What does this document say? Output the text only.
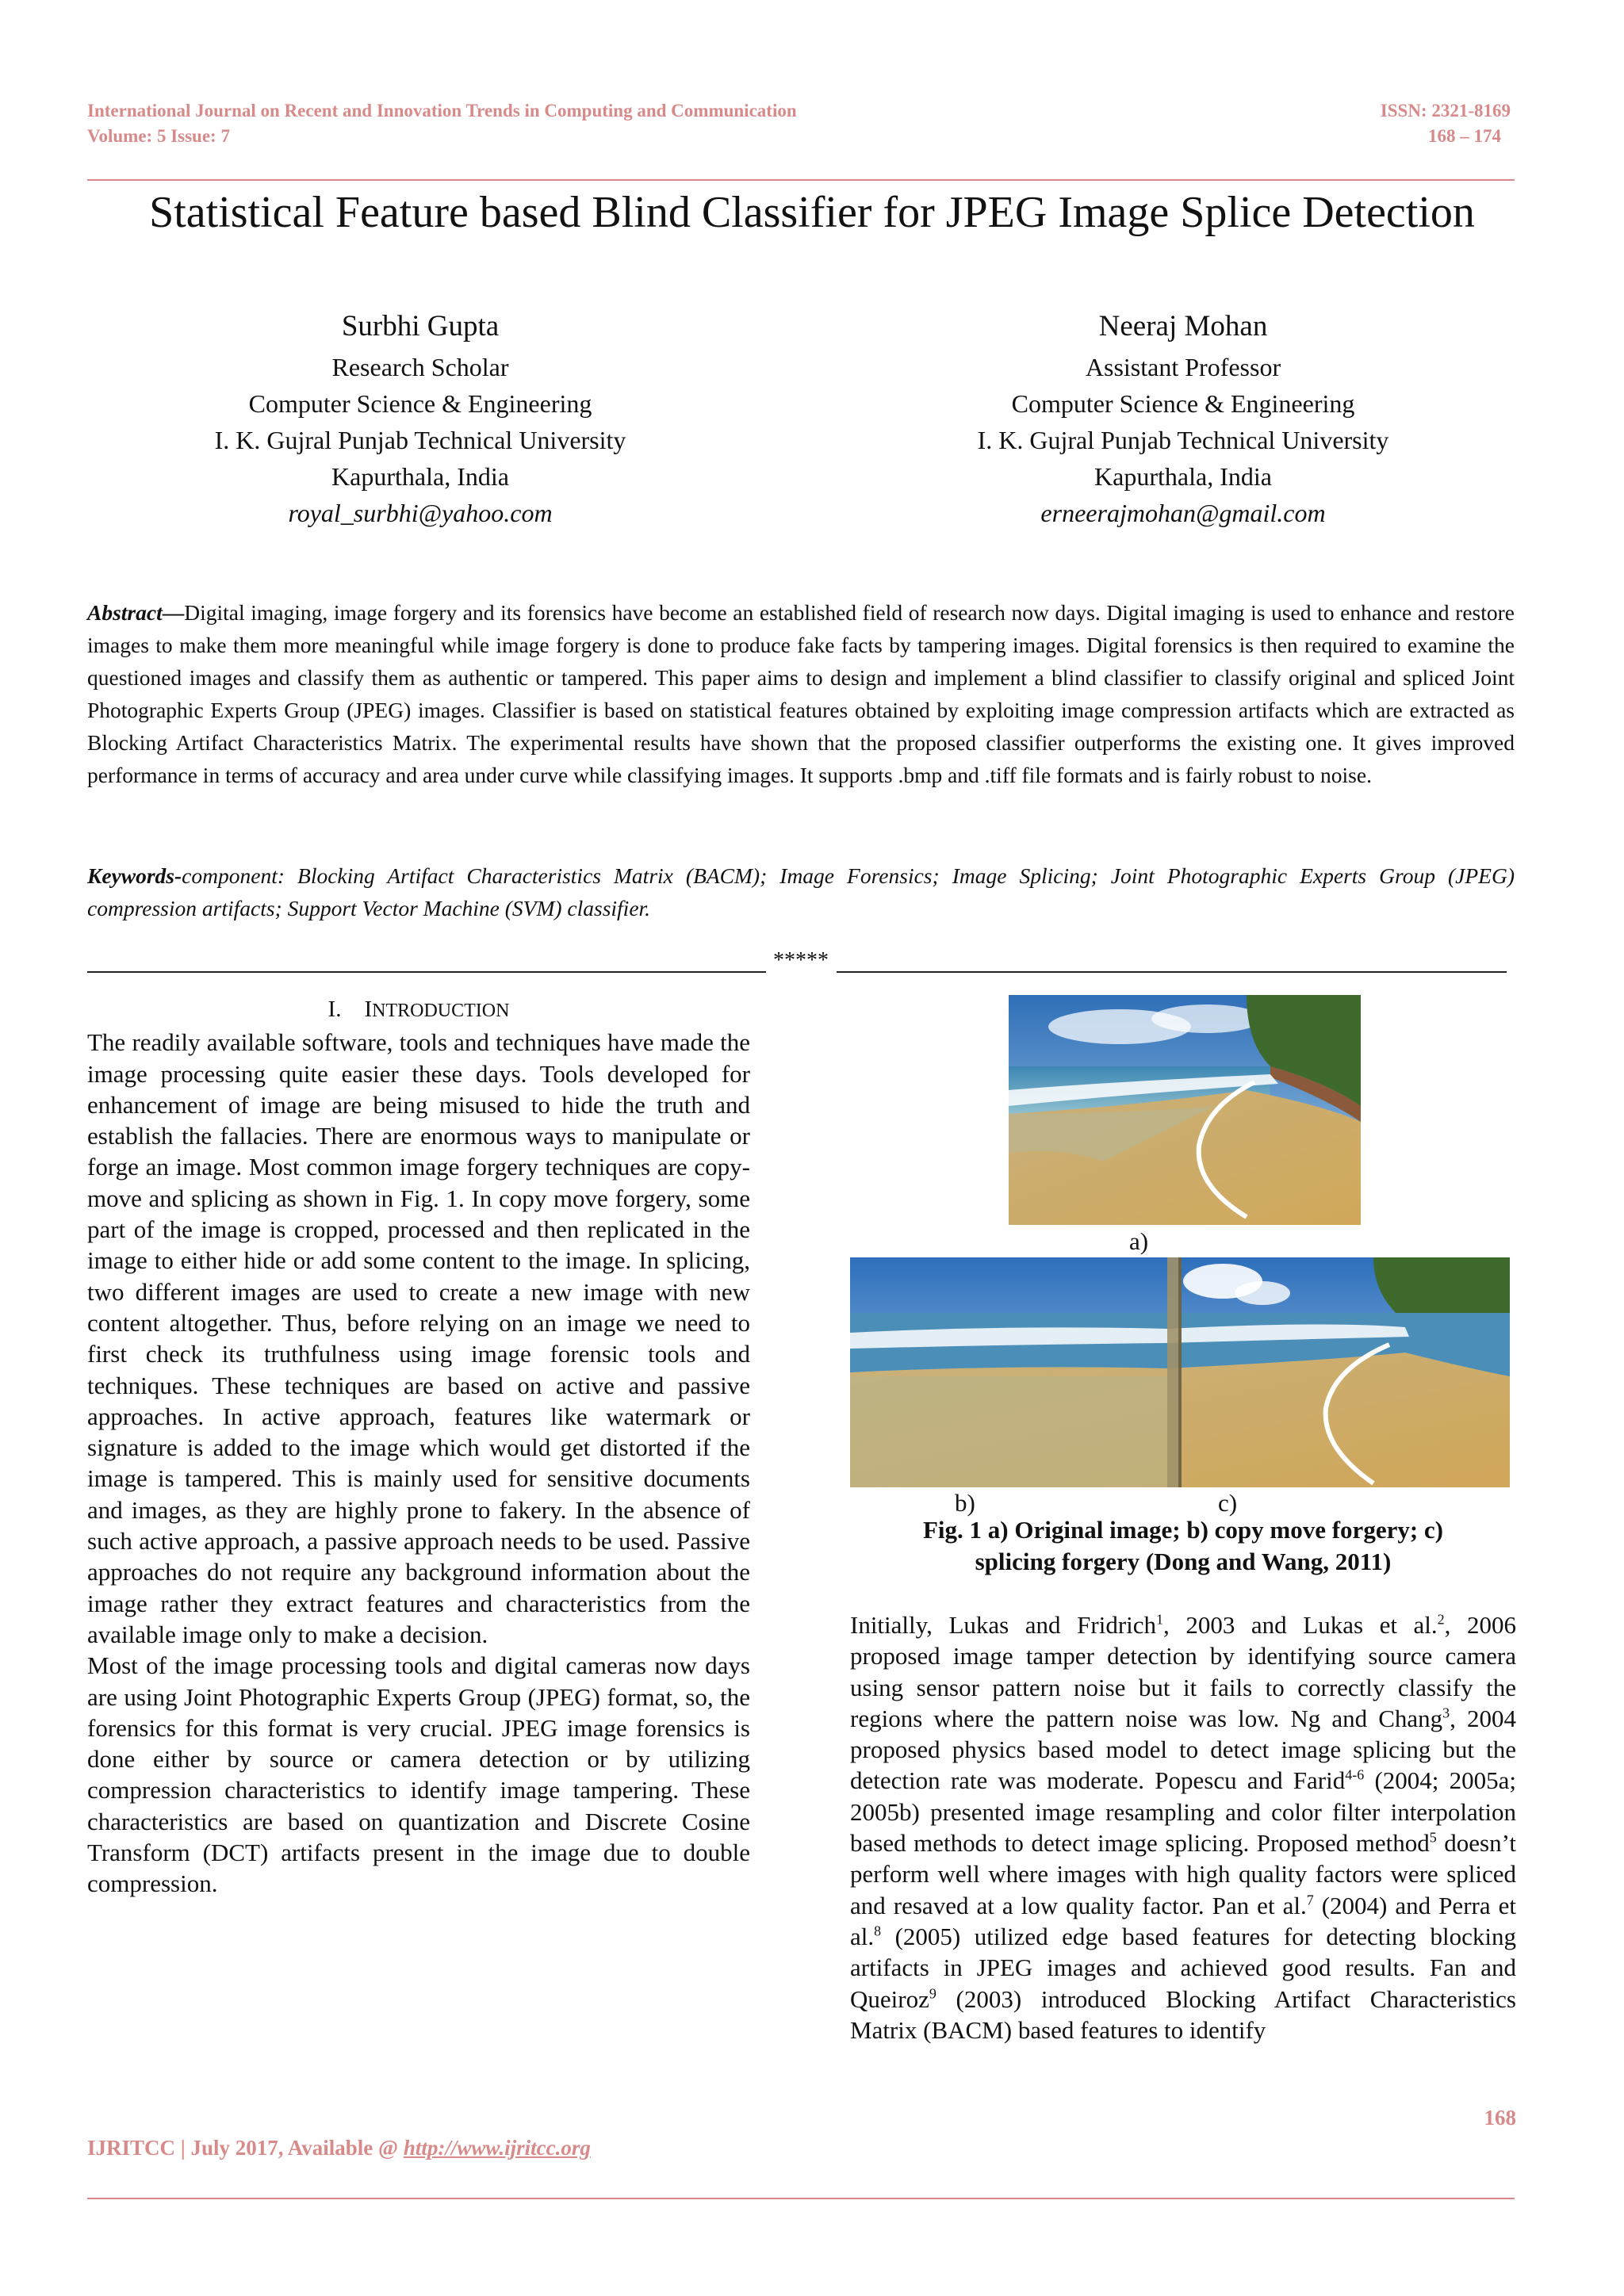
International Journal on Recent and Innovation Trends in Computing and Communication
Volume: 5 Issue: 7
ISSN: 2321-8169
168 – 174
Statistical Feature based Blind Classifier for JPEG Image Splice Detection
Surbhi Gupta
Research Scholar
Computer Science & Engineering
I. K. Gujral Punjab Technical University
Kapurthala, India
royal_surbhi@yahoo.com
Neeraj Mohan
Assistant Professor
Computer Science & Engineering
I. K. Gujral Punjab Technical University
Kapurthala, India
erneerajmohan@gmail.com
Abstract—Digital imaging, image forgery and its forensics have become an established field of research now days. Digital imaging is used to enhance and restore images to make them more meaningful while image forgery is done to produce fake facts by tampering images. Digital forensics is then required to examine the questioned images and classify them as authentic or tampered. This paper aims to design and implement a blind classifier to classify original and spliced Joint Photographic Experts Group (JPEG) images. Classifier is based on statistical features obtained by exploiting image compression artifacts which are extracted as Blocking Artifact Characteristics Matrix. The experimental results have shown that the proposed classifier outperforms the existing one. It gives improved performance in terms of accuracy and area under curve while classifying images. It supports .bmp and .tiff file formats and is fairly robust to noise.
Keywords-component: Blocking Artifact Characteristics Matrix (BACM); Image Forensics; Image Splicing; Joint Photographic Experts Group (JPEG) compression artifacts; Support Vector Machine (SVM) classifier.
*****
I. INTRODUCTION

The readily available software, tools and techniques have made the image processing quite easier these days. Tools developed for enhancement of image are being misused to hide the truth and establish the fallacies. There are enormous ways to manipulate or forge an image. Most common image forgery techniques are copy-move and splicing as shown in Fig. 1. In copy move forgery, some part of the image is cropped, processed and then replicated in the image to either hide or add some content to the image. In splicing, two different images are used to create a new image with new content altogether. Thus, before relying on an image we need to first check its truthfulness using image forensic tools and techniques. These techniques are based on active and passive approaches. In active approach, features like watermark or signature is added to the image which would get distorted if the image is tampered. This is mainly used for sensitive documents and images, as they are highly prone to fakery. In the absence of such active approach, a passive approach needs to be used. Passive approaches do not require any background information about the image rather they extract features and characteristics from the available image only to make a decision.

Most of the image processing tools and digital cameras now days are using Joint Photographic Experts Group (JPEG) format, so, the forensics for this format is very crucial. JPEG image forensics is done either by source or camera detection or by utilizing compression characteristics to identify image tampering. These characteristics are based on quantization and Discrete Cosine Transform (DCT) artifacts present in the image due to double compression.

a)
b)	c)
Fig. 1 a) Original image; b) copy move forgery; c)
splicing forgery (Dong and Wang, 2011)

Initially, Lukas and Fridrich$^1$, 2003 and Lukas et al.$^2$, 2006 proposed image tamper detection by identifying source camera using sensor pattern noise but it fails to correctly classify the regions where the pattern noise was low. Ng and Chang$^3$, 2004 proposed physics based model to detect image splicing but the detection rate was moderate. Popescu and Farid$^{4-6}$ (2004; 2005a; 2005b) presented image resampling and color filter interpolation based methods to detect image splicing. Proposed method$^5$ doesn’t perform well where images with high quality factors were spliced and resaved at a low quality factor. Pan et al.$^7$ (2004) and Perra et al.$^8$ (2005) utilized edge based features for detecting blocking artifacts in JPEG images and achieved good results. Fan and Queiroz$^9$ (2003) introduced Blocking Artifact Characteristics Matrix (BACM) based features to identify

168
IJRITCC | July 2017, Available @ http://www.ijritcc.org
